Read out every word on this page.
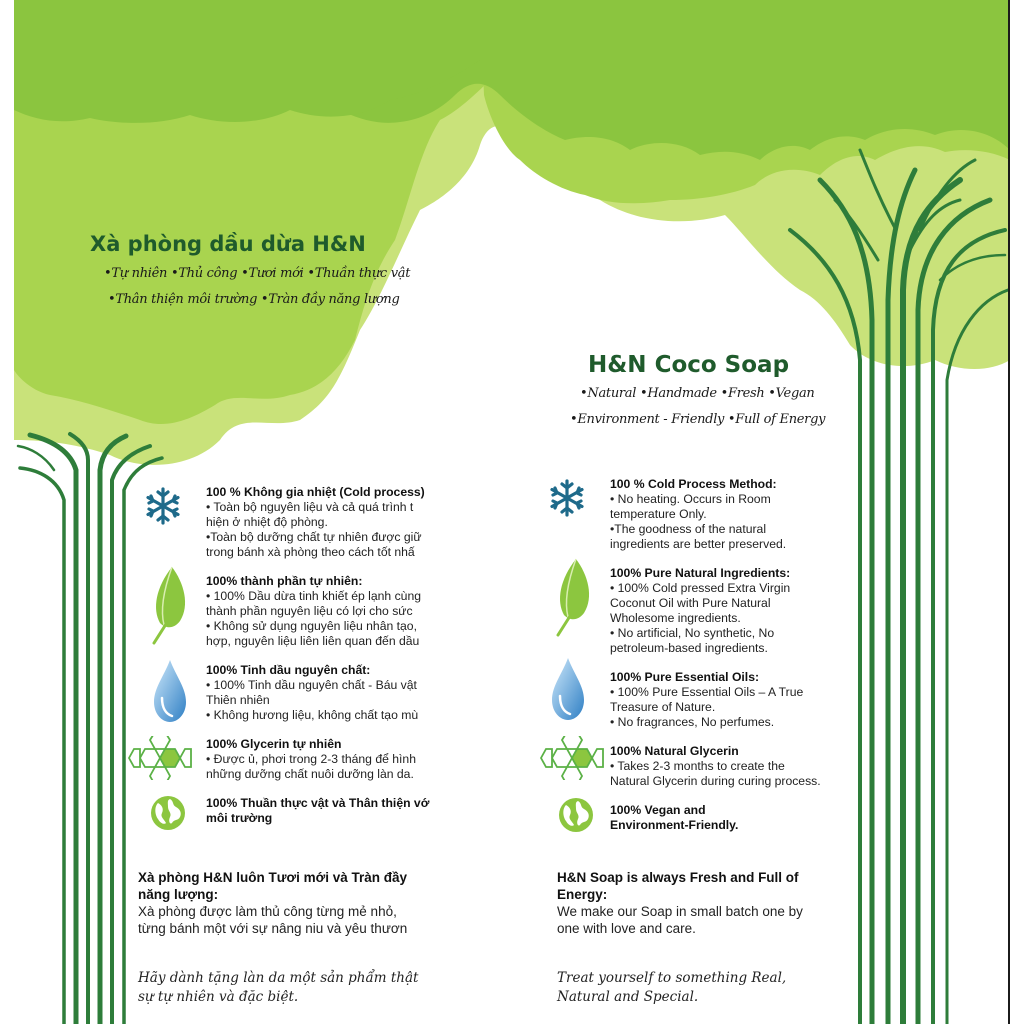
Xà phòng dầu dừa H&N
•Tự nhiên •Thủ công •Tươi mới •Thuần thực vật
•Thân thiện môi trường •Tràn đầy năng lượng
H&N Coco Soap
•Natural •Handmade •Fresh •Vegan
•Environment - Friendly •Full of Energy
100 % Không gia nhiệt (Cold process)
• Toàn bộ nguyên liệu và cả quá trình t
hiện ở nhiệt độ phòng.
•Toàn bộ dưỡng chất tự nhiên được giữ
trong bánh xà phòng theo cách tốt nhấ
100% thành phần tự nhiên:
• 100% Dầu dừa tinh khiết ép lạnh cùng
thành phần nguyên liệu có lợi cho sức
• Không sử dụng nguyên liệu nhân tạo,
hợp, nguyên liệu liên liên quan đến dầu
100% Tinh dầu nguyên chất:
• 100% Tinh dầu nguyên chất - Báu vật
Thiên nhiên
• Không hương liệu, không chất tạo mù
100% Glycerin tự nhiên
• Được ủ, phơi trong 2-3 tháng để hình
những dưỡng chất nuôi dưỡng làn da.
100% Thuần thực vật và Thân thiện vớ
môi trường
100 % Cold Process Method:
• No heating. Occurs in Room
temperature Only.
•The goodness of the natural
ingredients are better preserved.
100% Pure Natural Ingredients:
• 100% Cold pressed Extra Virgin
Coconut Oil with Pure Natural
Wholesome ingredients.
• No artificial, No synthetic, No
petroleum-based ingredients.
100% Pure Essential Oils:
• 100% Pure Essential Oils – A True
Treasure of Nature.
• No fragrances, No perfumes.
100% Natural Glycerin
• Takes 2-3 months to create the
Natural Glycerin during curing process.
100% Vegan and
Environment-Friendly.
Xà phòng H&N luôn Tươi mới và Tràn đầy
năng lượng:
Xà phòng được làm thủ công từng mẻ nhỏ,
từng bánh một với sự nâng niu và yêu thươn
H&N Soap is always Fresh and Full of
Energy:
We make our Soap in small batch one by
one with love and care.
Hãy dành tặng làn da một sản phẩm thật
sự tự nhiên và đặc biệt.
Treat yourself to something Real,
Natural and Special.
